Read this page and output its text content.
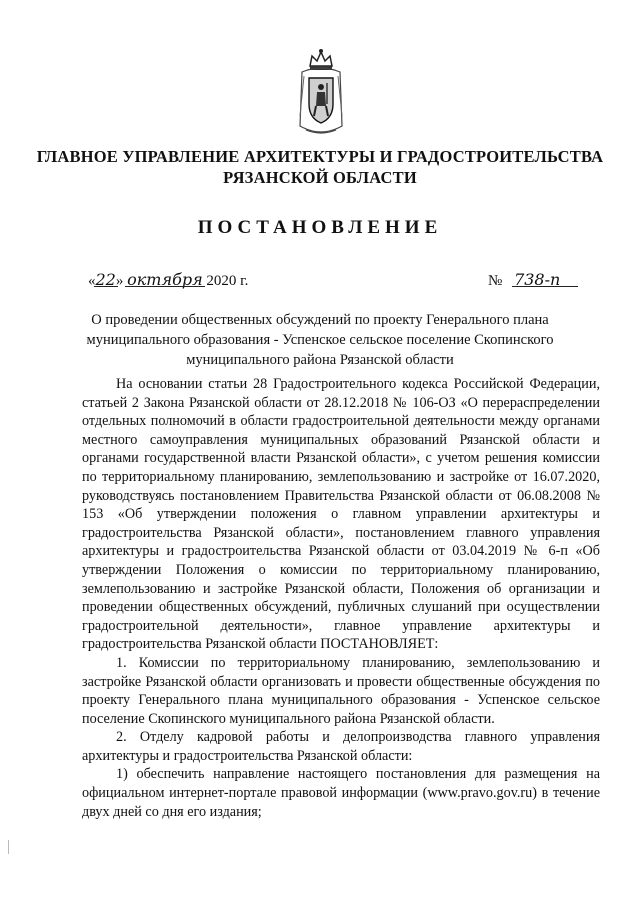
ГЛАВНОЕ УПРАВЛЕНИЕ АРХИТЕКТУРЫ И ГРАДОСТРОИТЕЛЬСТВА
РЯЗАНСКОЙ ОБЛАСТИ
ПОСТАНОВЛЕНИЕ
«22» октября 2020 г.	№ 738-п
О проведении общественных обсуждений по проекту Генерального плана
муниципального образования - Успенское сельское поселение Скопинского
муниципального района Рязанской области

На основании статьи 28 Градостроительного кодекса Российской Федерации, статьей 2 Закона Рязанской области от 28.12.2018 № 106-ОЗ «О перераспределении отдельных полномочий в области градостроительной деятельности между органами местного самоуправления муниципальных образований Рязанской области и органами государственной власти Рязанской области», с учетом решения комиссии по территориальному планированию, землепользованию и застройке от 16.07.2020, руководствуясь постановлением Правительства Рязанской области от 06.08.2008 № 153 «Об утверждении положения о главном управлении архитектуры и градостроительства Рязанской области», постановлением главного управления архитектуры и градостроительства Рязанской области от 03.04.2019 № 6-п «Об утверждении Положения о комиссии по территориальному планированию, землепользованию и застройке Рязанской области, Положения об организации и проведении общественных обсуждений, публичных слушаний при осуществлении градостроительной деятельности», главное управление архитектуры и градостроительства Рязанской области ПОСТАНОВЛЯЕТ:

1. Комиссии по территориальному планированию, землепользованию и застройке Рязанской области организовать и провести общественные обсуждения по проекту Генерального плана муниципального образования - Успенское сельское поселение Скопинского муниципального района Рязанской области.

2. Отделу кадровой работы и делопроизводства главного управления архитектуры и градостроительства Рязанской области:

1) обеспечить направление настоящего постановления для размещения на официальном интернет-портале правовой информации (www.pravo.gov.ru) в течение двух дней со дня его издания;
